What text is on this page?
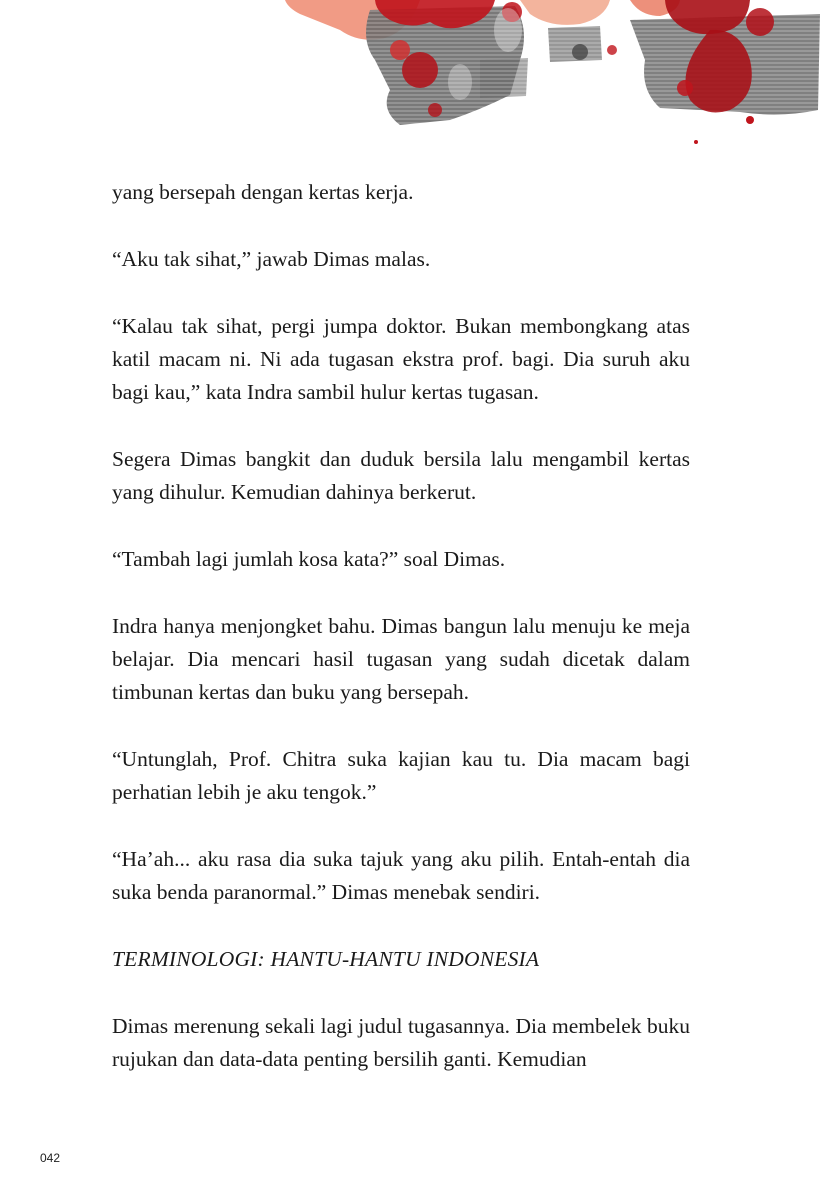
yang bersepah dengan kertas kerja.

“Aku tak sihat,” jawab Dimas malas.

“Kalau tak sihat, pergi jumpa doktor. Bukan membongkang atas katil macam ni. Ni ada tugasan ekstra prof. bagi. Dia suruh aku bagi kau,” kata Indra sambil hulur kertas tugasan.

Segera Dimas bangkit dan duduk bersila lalu mengambil kertas yang dihulur. Kemudian dahinya berkerut.

“Tambah lagi jumlah kosa kata?” soal Dimas.

Indra hanya menjongket bahu. Dimas bangun lalu menuju ke meja belajar. Dia mencari hasil tugasan yang sudah dicetak dalam timbunan kertas dan buku yang bersepah.

“Untunglah, Prof. Chitra suka kajian kau tu. Dia macam bagi perhatian lebih je aku tengok.”

“Ha’ah... aku rasa dia suka tajuk yang aku pilih. Entah-entah dia suka benda paranormal.” Dimas menebak sendiri.

TERMINOLOGI: HANTU-HANTU INDONESIA

Dimas merenung sekali lagi judul tugasannya. Dia membelek buku rujukan dan data-data penting bersilih ganti. Kemudian

042
